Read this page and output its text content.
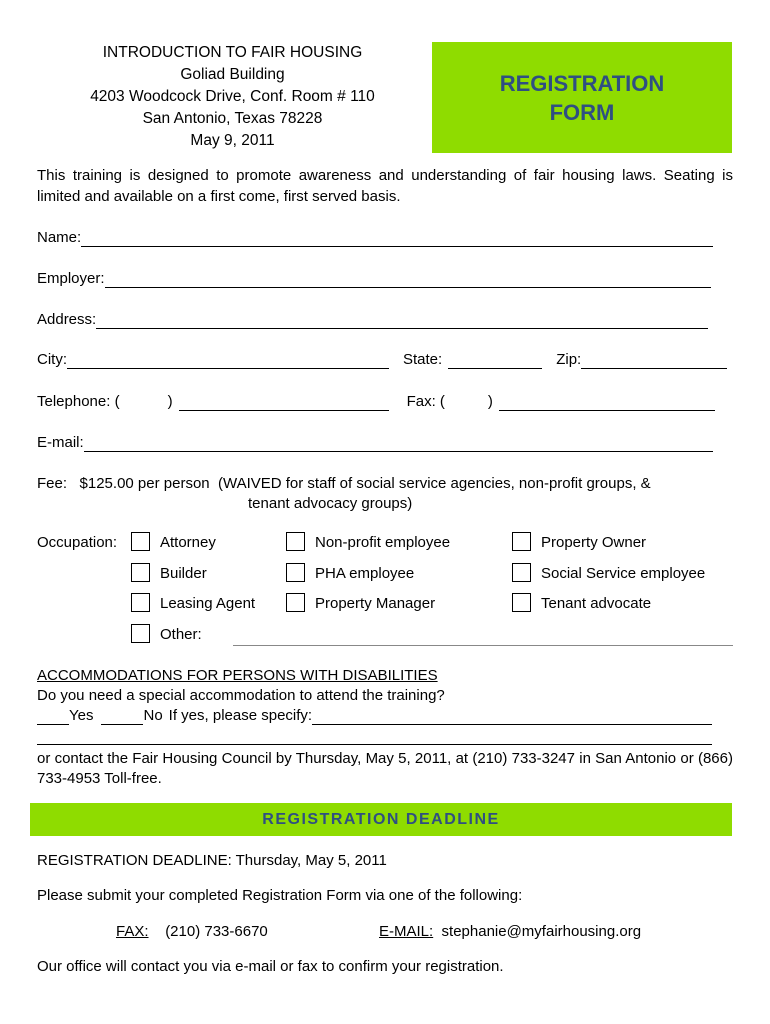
INTRODUCTION TO FAIR HOUSING
Goliad Building
4203 Woodcock Drive, Conf. Room # 110
San Antonio, Texas 78228
May 9, 2011
REGISTRATION
FORM
This training is designed to promote awareness and understanding of fair housing laws. Seating is limited and available on a first come, first served basis.
Name:
Employer:
Address:
City:	State:	Zip:
Telephone: (	)	Fax: (	)
E-mail:
Fee: $125.00 per person (WAIVED for staff of social service agencies, non-profit groups, &
tenant advocacy groups)
Occupation:	Attorney	Non-profit employee	Property Owner
Builder	PHA employee	Social Service employee
Leasing Agent	Property Manager	Tenant advocate
Other:
ACCOMMODATIONS FOR PERSONS WITH DISABILITIES
Do you need a special accommodation to attend the training?
Yes	No If yes, please specify:
or contact the Fair Housing Council by Thursday, May 5, 2011, at (210) 733-3247 in San Antonio or (866) 733-4953 Toll-free.
REGISTRATION DEADLINE
REGISTRATION DEADLINE: Thursday, May 5, 2011
Please submit your completed Registration Form via one of the following:
FAX: (210) 733-6670	E-MAIL: stephanie@myfairhousing.org
Our office will contact you via e-mail or fax to confirm your registration.
